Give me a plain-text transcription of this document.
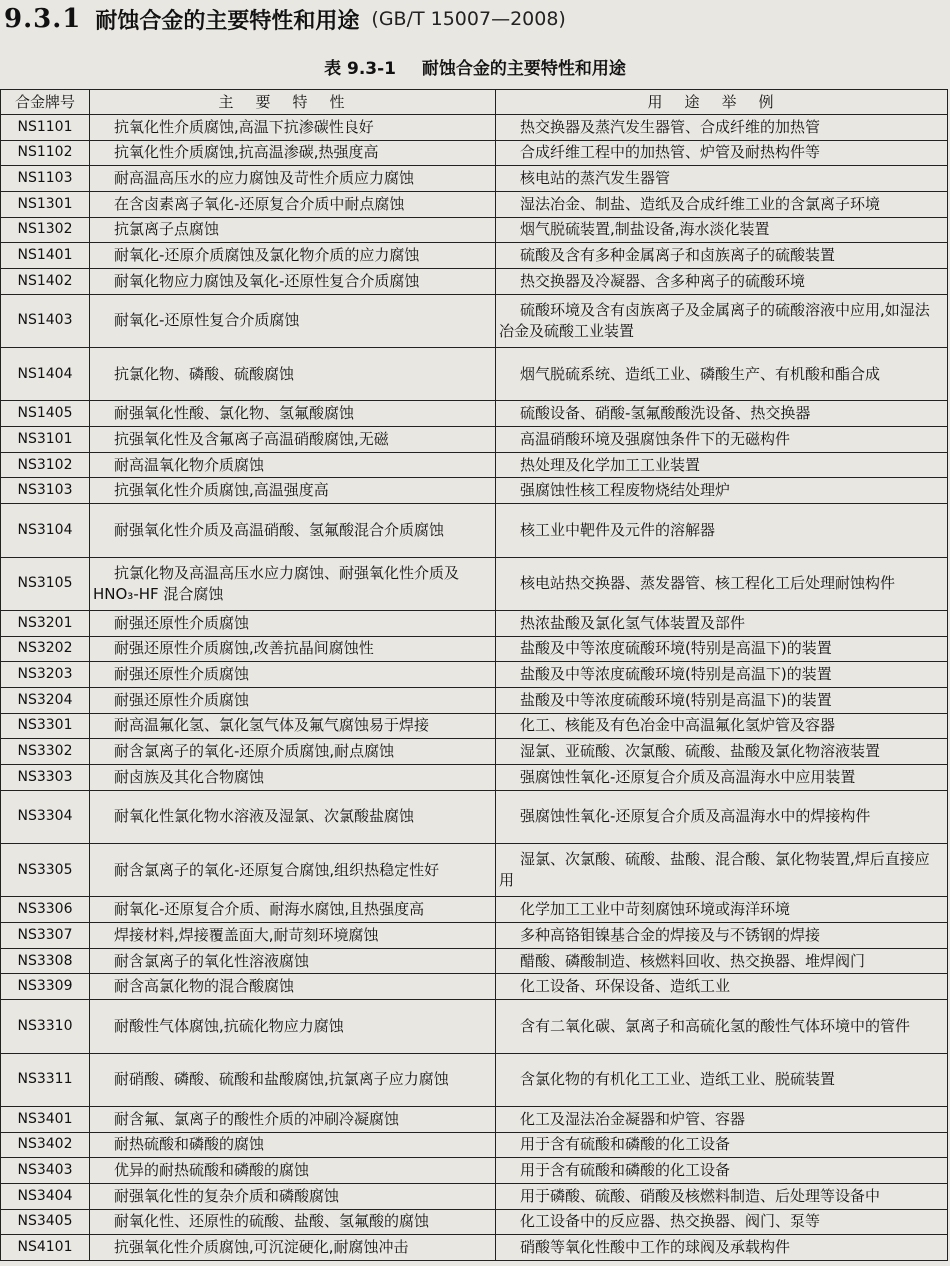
9.3.1 耐蚀合金的主要特性和用途 (GB/T 15007—2008)
表 9.3-1 耐蚀合金的主要特性和用途
合金牌号	主要特性	用途举例
NS1101	抗氧化性介质腐蚀,高温下抗渗碳性良好	热交换器及蒸汽发生器管、合成纤维的加热管
NS1102	抗氧化性介质腐蚀,抗高温渗碳,热强度高	合成纤维工程中的加热管、炉管及耐热构件等
NS1103	耐高温高压水的应力腐蚀及苛性介质应力腐蚀	核电站的蒸汽发生器管
NS1301	在含卤素离子氧化-还原复合介质中耐点腐蚀	湿法冶金、制盐、造纸及合成纤维工业的含氯离子环境
NS1302	抗氯离子点腐蚀	烟气脱硫装置,制盐设备,海水淡化装置
NS1401	耐氧化-还原介质腐蚀及氯化物介质的应力腐蚀	硫酸及含有多种金属离子和卤族离子的硫酸装置
NS1402	耐氧化物应力腐蚀及氧化-还原性复合介质腐蚀	热交换器及冷凝器、含多种离子的硫酸环境
NS1403	耐氧化-还原性复合介质腐蚀	硫酸环境及含有卤族离子及金属离子的硫酸溶液中应用,如湿法冶金及硫酸工业装置
NS1404	抗氯化物、磷酸、硫酸腐蚀	烟气脱硫系统、造纸工业、磷酸生产、有机酸和酯合成
NS1405	耐强氧化性酸、氯化物、氢氟酸腐蚀	硫酸设备、硝酸-氢氟酸酸洗设备、热交换器
NS3101	抗强氧化性及含氟离子高温硝酸腐蚀,无磁	高温硝酸环境及强腐蚀条件下的无磁构件
NS3102	耐高温氧化物介质腐蚀	热处理及化学加工工业装置
NS3103	抗强氧化性介质腐蚀,高温强度高	强腐蚀性核工程废物烧结处理炉
NS3104	耐强氧化性介质及高温硝酸、氢氟酸混合介质腐蚀	核工业中靶件及元件的溶解器
NS3105	抗氯化物及高温高压水应力腐蚀、耐强氧化性介质及 HNO₃-HF 混合腐蚀	核电站热交换器、蒸发器管、核工程化工后处理耐蚀构件
NS3201	耐强还原性介质腐蚀	热浓盐酸及氯化氢气体装置及部件
NS3202	耐强还原性介质腐蚀,改善抗晶间腐蚀性	盐酸及中等浓度硫酸环境(特别是高温下)的装置
NS3203	耐强还原性介质腐蚀	盐酸及中等浓度硫酸环境(特别是高温下)的装置
NS3204	耐强还原性介质腐蚀	盐酸及中等浓度硫酸环境(特别是高温下)的装置
NS3301	耐高温氟化氢、氯化氢气体及氟气腐蚀易于焊接	化工、核能及有色冶金中高温氟化氢炉管及容器
NS3302	耐含氯离子的氧化-还原介质腐蚀,耐点腐蚀	湿氯、亚硫酸、次氯酸、硫酸、盐酸及氯化物溶液装置
NS3303	耐卤族及其化合物腐蚀	强腐蚀性氧化-还原复合介质及高温海水中应用装置
NS3304	耐氧化性氯化物水溶液及湿氯、次氯酸盐腐蚀	强腐蚀性氧化-还原复合介质及高温海水中的焊接构件
NS3305	耐含氯离子的氧化-还原复合腐蚀,组织热稳定性好	湿氯、次氯酸、硫酸、盐酸、混合酸、氯化物装置,焊后直接应用
NS3306	耐氧化-还原复合介质、耐海水腐蚀,且热强度高	化学加工工业中苛刻腐蚀环境或海洋环境
NS3307	焊接材料,焊接覆盖面大,耐苛刻环境腐蚀	多种高铬钼镍基合金的焊接及与不锈钢的焊接
NS3308	耐含氯离子的氧化性溶液腐蚀	醋酸、磷酸制造、核燃料回收、热交换器、堆焊阀门
NS3309	耐含高氯化物的混合酸腐蚀	化工设备、环保设备、造纸工业
NS3310	耐酸性气体腐蚀,抗硫化物应力腐蚀	含有二氧化碳、氯离子和高硫化氢的酸性气体环境中的管件
NS3311	耐硝酸、磷酸、硫酸和盐酸腐蚀,抗氯离子应力腐蚀	含氯化物的有机化工工业、造纸工业、脱硫装置
NS3401	耐含氟、氯离子的酸性介质的冲刷冷凝腐蚀	化工及湿法冶金凝器和炉管、容器
NS3402	耐热硫酸和磷酸的腐蚀	用于含有硫酸和磷酸的化工设备
NS3403	优异的耐热硫酸和磷酸的腐蚀	用于含有硫酸和磷酸的化工设备
NS3404	耐强氧化性的复杂介质和磷酸腐蚀	用于磷酸、硫酸、硝酸及核燃料制造、后处理等设备中
NS3405	耐氧化性、还原性的硫酸、盐酸、氢氟酸的腐蚀	化工设备中的反应器、热交换器、阀门、泵等
NS4101	抗强氧化性介质腐蚀,可沉淀硬化,耐腐蚀冲击	硝酸等氧化性酸中工作的球阀及承载构件
